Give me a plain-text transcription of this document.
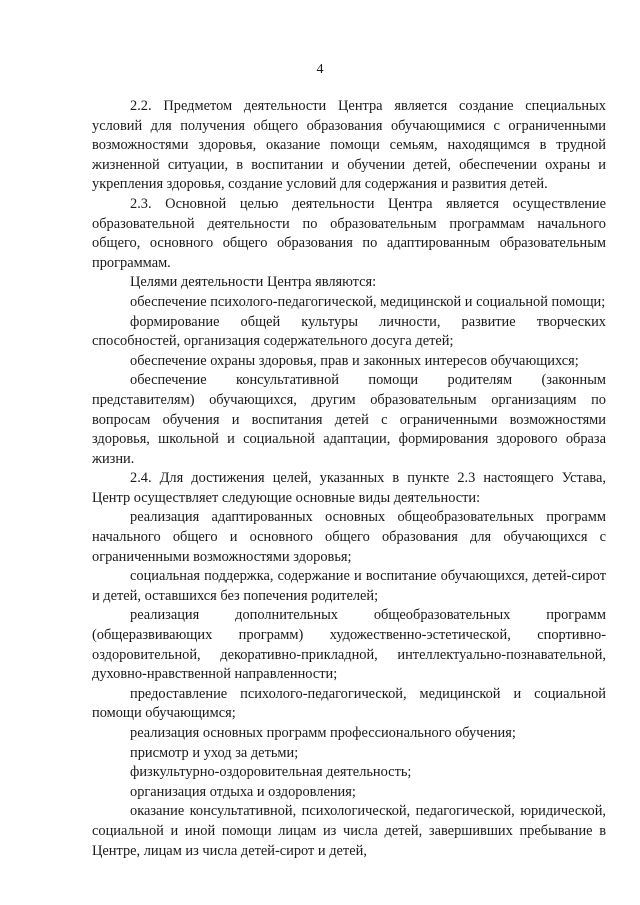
4

2.2. Предметом деятельности Центра является создание специальных условий для получения общего образования обучающимися с ограниченными возможностями здоровья, оказание помощи семьям, находящимся в трудной жизненной ситуации, в воспитании и обучении детей, обеспечении охраны и укрепления здоровья, создание условий для содержания и развития детей.

2.3. Основной целью деятельности Центра является осуществление образовательной деятельности по образовательным программам начального общего, основного общего образования по адаптированным образовательным программам.

Целями деятельности Центра являются:

обеспечение психолого-педагогической, медицинской и социальной помощи;

формирование общей культуры личности, развитие творческих способностей, организация содержательного досуга детей;

обеспечение охраны здоровья, прав и законных интересов обучающихся;

обеспечение консультативной помощи родителям (законным представителям) обучающихся, другим образовательным организациям по вопросам обучения и воспитания детей с ограниченными возможностями здоровья, школьной и социальной адаптации, формирования здорового образа жизни.

2.4. Для достижения целей, указанных в пункте 2.3 настоящего Устава, Центр осуществляет следующие основные виды деятельности:

реализация адаптированных основных общеобразовательных программ начального общего и основного общего образования для обучающихся с ограниченными возможностями здоровья;

социальная поддержка, содержание и воспитание обучающихся, детей-сирот и детей, оставшихся без попечения родителей;

реализация дополнительных общеобразовательных программ (общеразвивающих программ) художественно-эстетической, спортивно-оздоровительной, декоративно-прикладной, интеллектуально-познавательной, духовно-нравственной направленности;

предоставление психолого-педагогической, медицинской и социальной помощи обучающимся;

реализация основных программ профессионального обучения;

присмотр и уход за детьми;

физкультурно-оздоровительная деятельность;

организация отдыха и оздоровления;

оказание консультативной, психологической, педагогической, юридической, социальной и иной помощи лицам из числа детей, завершивших пребывание в Центре, лицам из числа детей-сирот и детей,
